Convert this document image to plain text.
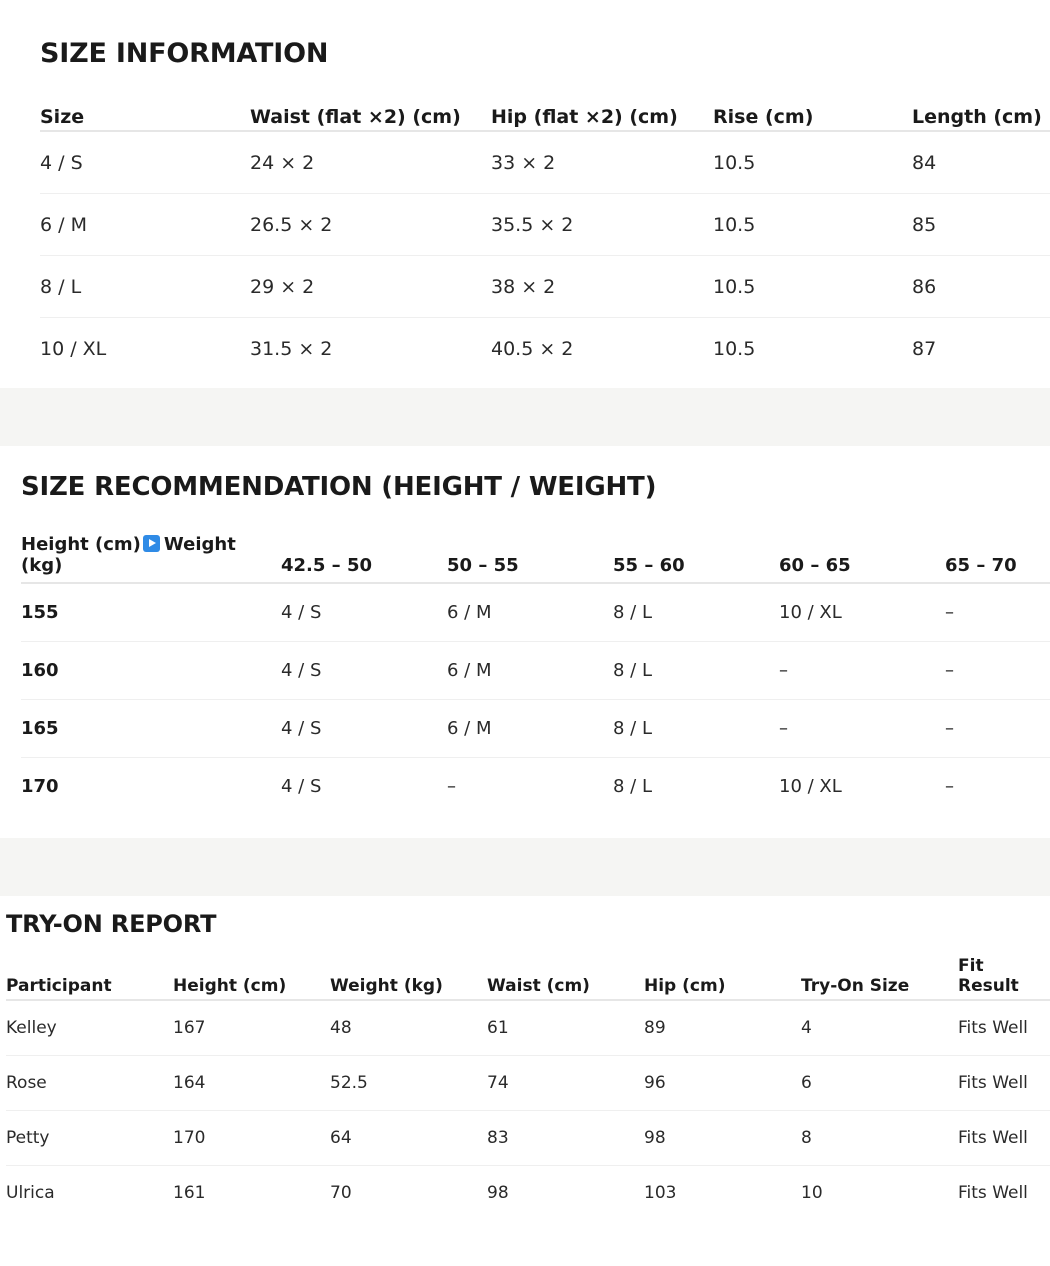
SIZE INFORMATION
Size	Waist (flat ×2) (cm)	Hip (flat ×2) (cm)	Rise (cm)	Length (cm)
4 / S	24 × 2	33 × 2	10.5	84
6 / M	26.5 × 2	35.5 × 2	10.5	85
8 / L	29 × 2	38 × 2	10.5	86
10 / XL	31.5 × 2	40.5 × 2	10.5	87
SIZE RECOMMENDATION (HEIGHT / WEIGHT)
Height (cm) Weight (kg)	42.5 – 50	50 – 55	55 – 60	60 – 65	65 – 70
155	4 / S	6 / M	8 / L	10 / XL	–
160	4 / S	6 / M	8 / L	–	–
165	4 / S	6 / M	8 / L	–	–
170	4 / S	–	8 / L	10 / XL	–
TRY-ON REPORT
Participant	Height (cm)	Weight (kg)	Waist (cm)	Hip (cm)	Try-On Size	Fit Result
Kelley	167	48	61	89	4	Fits Well
Rose	164	52.5	74	96	6	Fits Well
Petty	170	64	83	98	8	Fits Well
Ulrica	161	70	98	103	10	Fits Well
